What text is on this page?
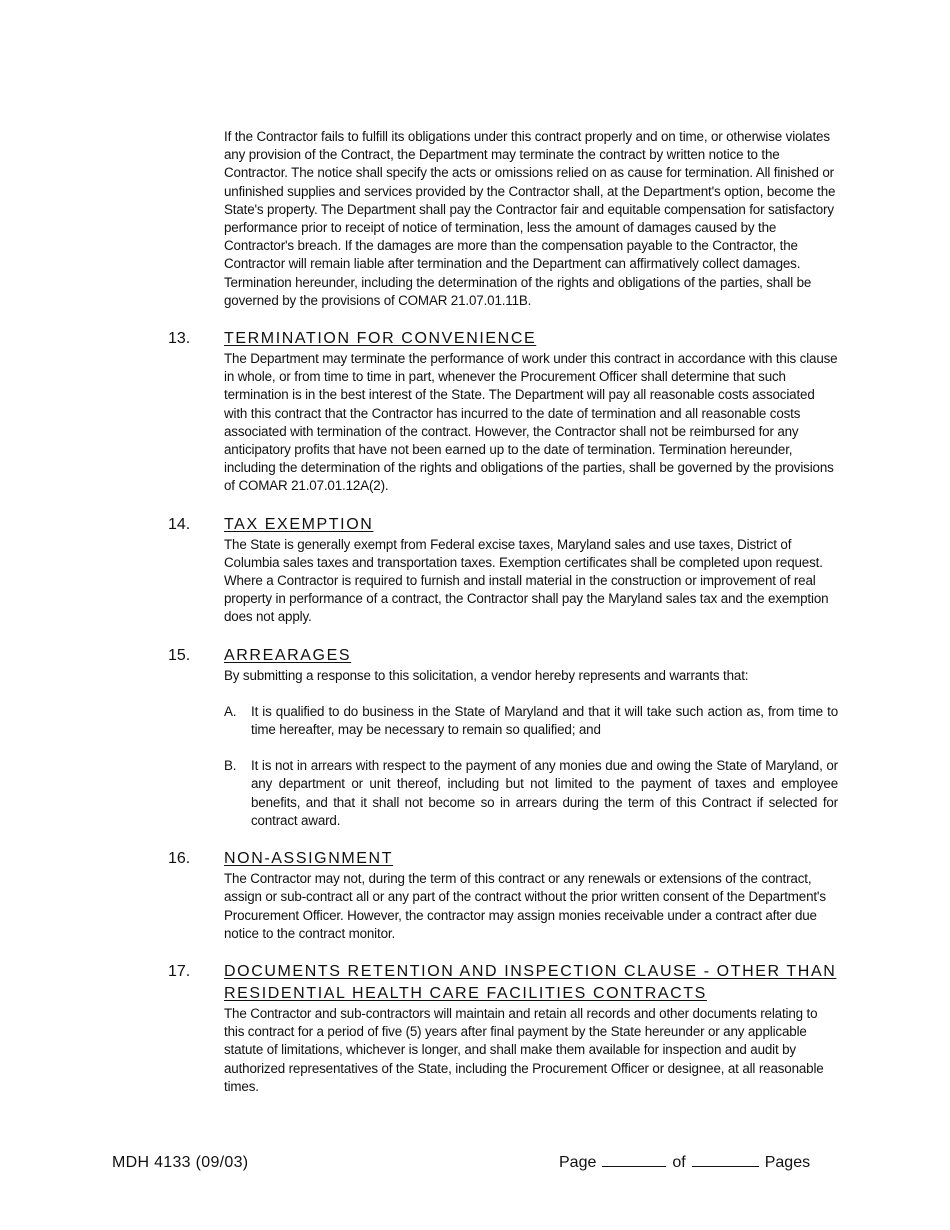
If the Contractor fails to fulfill its obligations under this contract properly and on time, or otherwise violates any provision of the Contract, the Department may terminate the contract by written notice to the Contractor. The notice shall specify the acts or omissions relied on as cause for termination. All finished or unfinished supplies and services provided by the Contractor shall, at the Department's option, become the State's property. The Department shall pay the Contractor fair and equitable compensation for satisfactory performance prior to receipt of notice of termination, less the amount of damages caused by the Contractor's breach. If the damages are more than the compensation payable to the Contractor, the Contractor will remain liable after termination and the Department can affirmatively collect damages. Termination hereunder, including the determination of the rights and obligations of the parties, shall be governed by the provisions of COMAR 21.07.01.11B.

13. TERMINATION FOR CONVENIENCE

The Department may terminate the performance of work under this contract in accordance with this clause in whole, or from time to time in part, whenever the Procurement Officer shall determine that such termination is in the best interest of the State. The Department will pay all reasonable costs associated with this contract that the Contractor has incurred to the date of termination and all reasonable costs associated with termination of the contract. However, the Contractor shall not be reimbursed for any anticipatory profits that have not been earned up to the date of termination. Termination hereunder, including the determination of the rights and obligations of the parties, shall be governed by the provisions of COMAR 21.07.01.12A(2).

14. TAX EXEMPTION

The State is generally exempt from Federal excise taxes, Maryland sales and use taxes, District of Columbia sales taxes and transportation taxes. Exemption certificates shall be completed upon request. Where a Contractor is required to furnish and install material in the construction or improvement of real property in performance of a contract, the Contractor shall pay the Maryland sales tax and the exemption does not apply.

15. ARREARAGES

By submitting a response to this solicitation, a vendor hereby represents and warrants that:

A. It is qualified to do business in the State of Maryland and that it will take such action as, from time to time hereafter, may be necessary to remain so qualified; and
B. It is not in arrears with respect to the payment of any monies due and owing the State of Maryland, or any department or unit thereof, including but not limited to the payment of taxes and employee benefits, and that it shall not become so in arrears during the term of this Contract if selected for contract award.
16. NON-ASSIGNMENT

The Contractor may not, during the term of this contract or any renewals or extensions of the contract, assign or sub-contract all or any part of the contract without the prior written consent of the Department's Procurement Officer. However, the contractor may assign monies receivable under a contract after due notice to the contract monitor.

17. DOCUMENTS RETENTION AND INSPECTION CLAUSE - OTHER THAN RESIDENTIAL HEALTH CARE FACILITIES CONTRACTS

The Contractor and sub-contractors will maintain and retain all records and other documents relating to this contract for a period of five (5) years after final payment by the State hereunder or any applicable statute of limitations, whichever is longer, and shall make them available for inspection and audit by authorized representatives of the State, including the Procurement Officer or designee, at all reasonable times.

MDH 4133 (09/03)	Page	of	Pages
